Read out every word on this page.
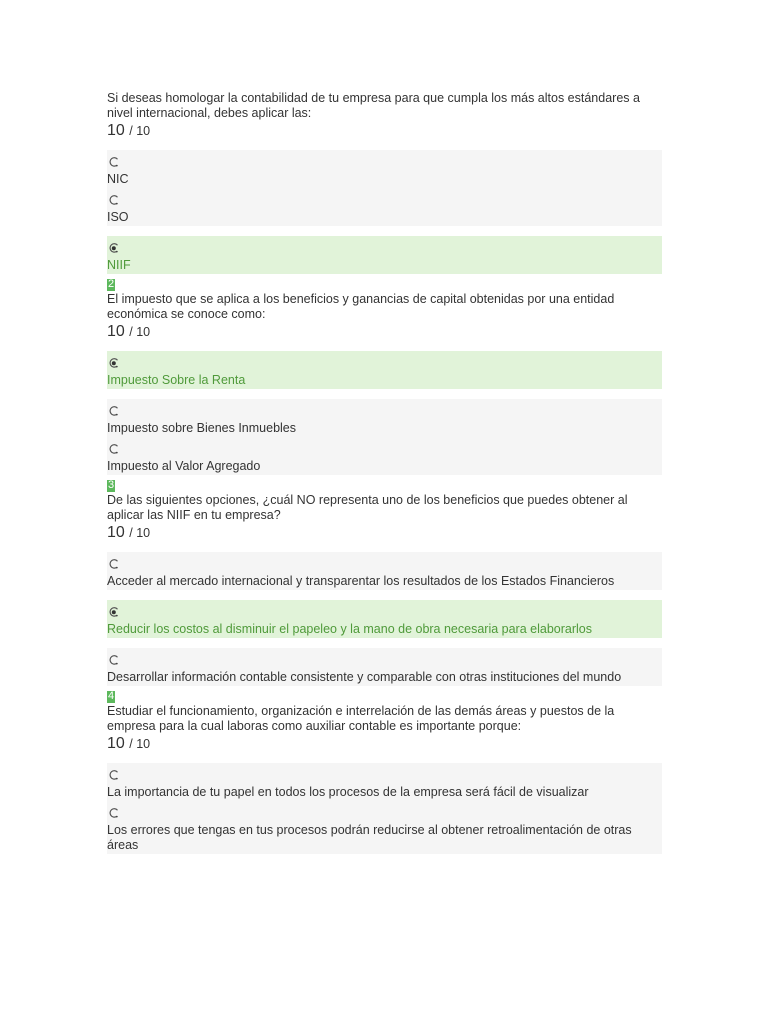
Si deseas homologar la contabilidad de tu empresa para que cumpla los más altos estándares a nivel internacional, debes aplicar las:
10 / 10
NIC
ISO
NIIF
2
El impuesto que se aplica a los beneficios y ganancias de capital obtenidas por una entidad económica se conoce como:
10 / 10
Impuesto Sobre la Renta
Impuesto sobre Bienes Inmuebles
Impuesto al Valor Agregado
3
De las siguientes opciones, ¿cuál NO representa uno de los beneficios que puedes obtener al aplicar las NIIF en tu empresa?
10 / 10
Acceder al mercado internacional y transparentar los resultados de los Estados Financieros
Reducir los costos al disminuir el papeleo y la mano de obra necesaria para elaborarlos
Desarrollar información contable consistente y comparable con otras instituciones del mundo
4
Estudiar el funcionamiento, organización e interrelación de las demás áreas y puestos de la empresa para la cual laboras como auxiliar contable es importante porque:
10 / 10
La importancia de tu papel en todos los procesos de la empresa será fácil de visualizar
Los errores que tengas en tus procesos podrán reducirse al obtener retroalimentación de otras áreas
